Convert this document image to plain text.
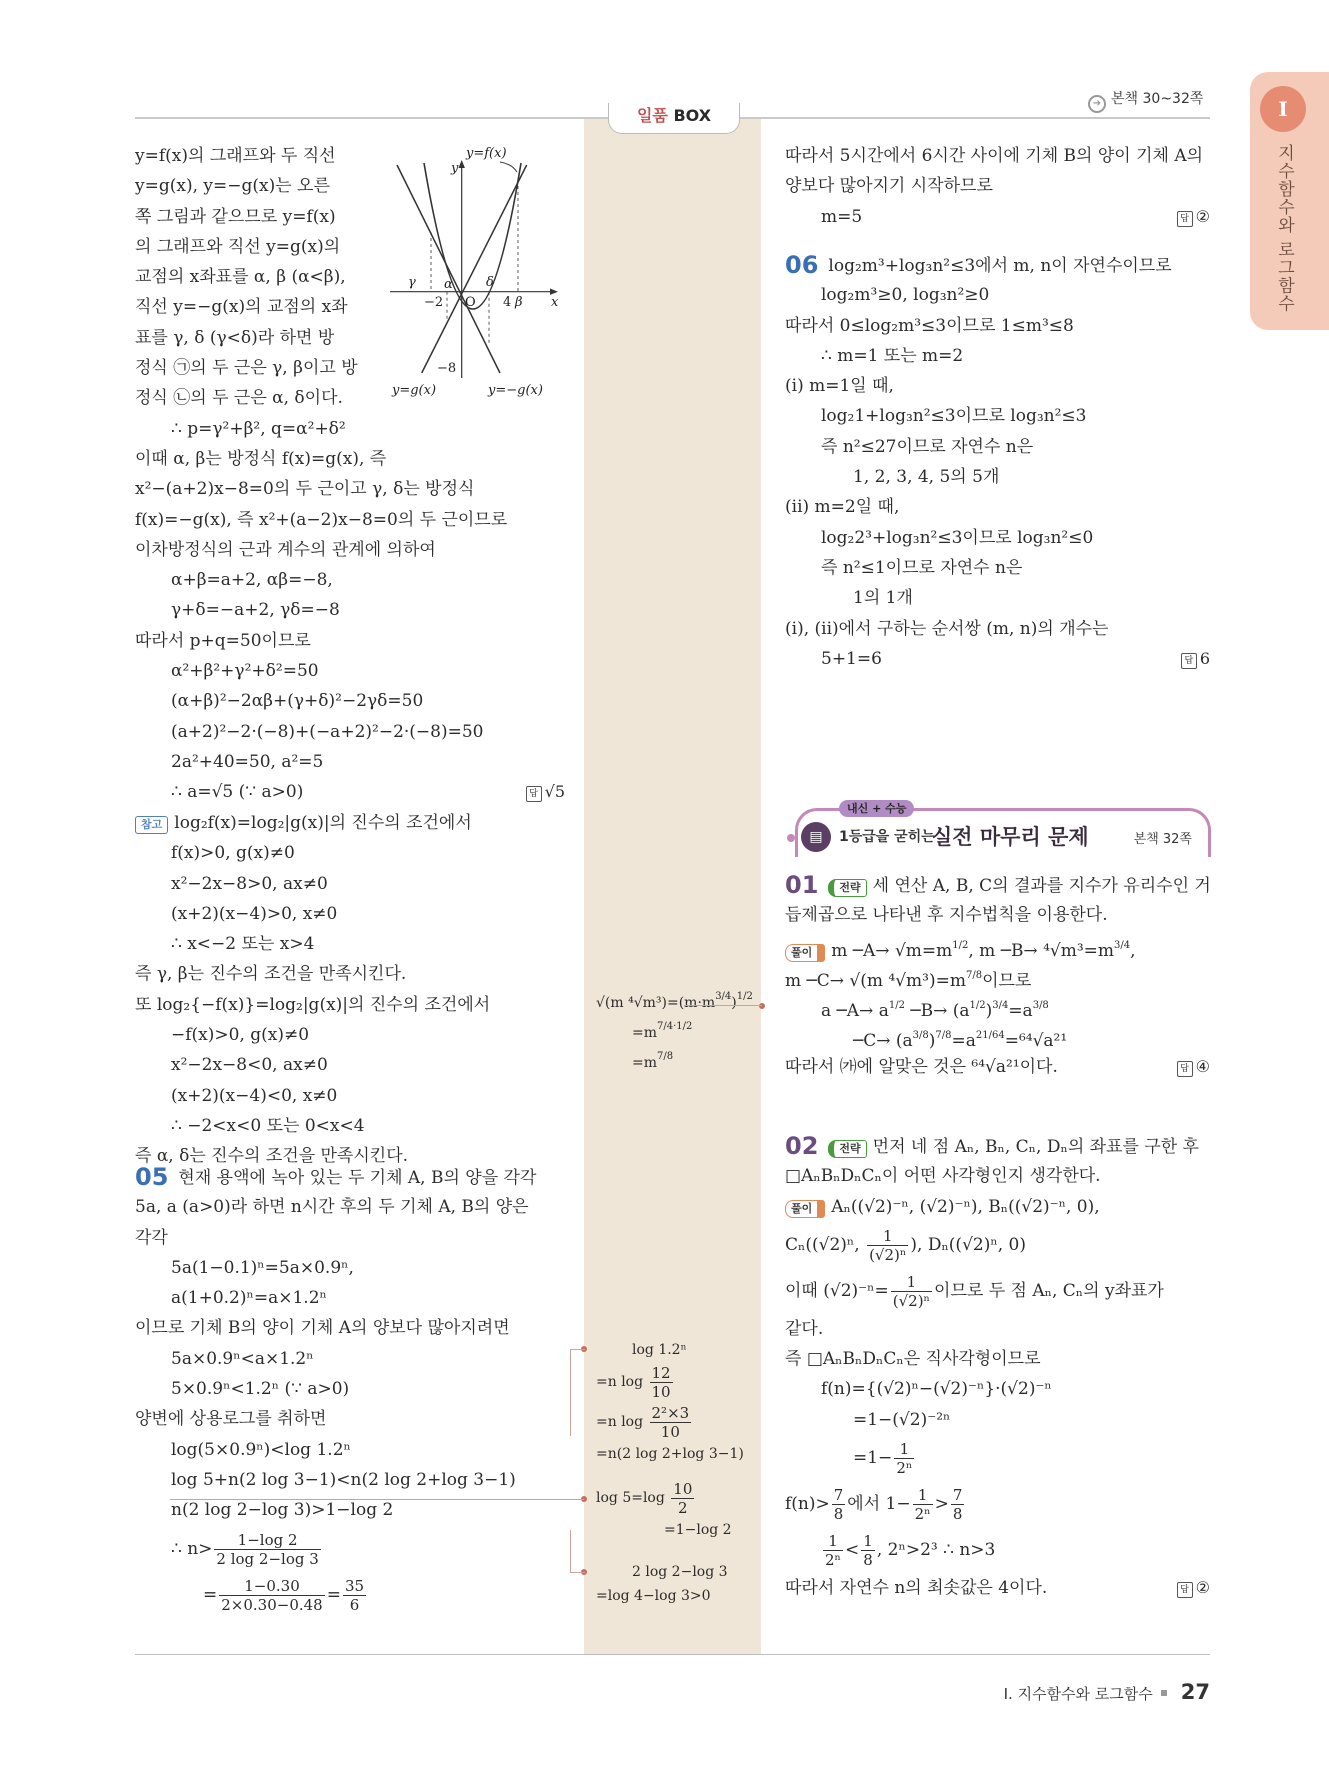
일품 BOX
➜ 본책 30~32쪽	I
지수함수와 로그함수
y=f(x)
y
γ α	δ
−2 O 4 β x
−8
y=g(x)	y=−g(x)
y=f(x)의 그래프와 두 직선
y=g(x), y=−g(x)는 오른
쪽 그림과 같으므로 y=f(x)
의 그래프와 직선 y=g(x)의
교점의 x좌표를 α, β (α<β),
직선 y=−g(x)의 교점의 x좌
표를 γ, δ (γ<δ)라 하면 방
정식 ㉠의 두 근은 γ, β이고 방
정식 ㉡의 두 근은 α, δ이다.
∴ p=γ²+β², q=α²+δ²
이때 α, β는 방정식 f(x)=g(x), 즉
x²−(a+2)x−8=0의 두 근이고 γ, δ는 방정식
f(x)=−g(x), 즉 x²+(a−2)x−8=0의 두 근이므로
이차방정식의 근과 계수의 관계에 의하여
α+β=a+2, αβ=−8,
γ+δ=−a+2, γδ=−8
따라서 p+q=50이므로
α²+β²+γ²+δ²=50
(α+β)²−2αβ+(γ+δ)²−2γδ=50
(a+2)²−2·(−8)+(−a+2)²−2·(−8)=50
2a²+40=50, a²=5
∴ a=√5 (∵ a>0)	답 √5
참고 log₂f(x)=log₂|g(x)|의 진수의 조건에서
f(x)>0, g(x)≠0
x²−2x−8>0, ax≠0
(x+2)(x−4)>0, x≠0
∴ x<−2 또는 x>4
즉 γ, β는 진수의 조건을 만족시킨다.
또 log₂{−f(x)}=log₂|g(x)|의 진수의 조건에서
−f(x)>0, g(x)≠0
x²−2x−8<0, ax≠0
(x+2)(x−4)<0, x≠0
∴ −2<x<0 또는 0<x<4
즉 α, δ는 진수의 조건을 만족시킨다.
05 현재 용액에 녹아 있는 두 기체 A, B의 양을 각각
5a, a (a>0)라 하면 n시간 후의 두 기체 A, B의 양은
각각
5a(1−0.1)ⁿ=5a×0.9ⁿ,
a(1+0.2)ⁿ=a×1.2ⁿ
이므로 기체 B의 양이 기체 A의 양보다 많아지려면
5a×0.9ⁿ<a×1.2ⁿ
5×0.9ⁿ<1.2ⁿ (∵ a>0)
양변에 상용로그를 취하면
log(5×0.9ⁿ)<log 1.2ⁿ
log 5+n(2 log 3−1)<n(2 log 2+log 3−1)
n(2 log 2−log 3)>1−log 2
∴ $n> \frac{1-\log 2}{2 \log 2-\log 3}$
= $\frac{1-0.30}{2\times 0.30-0.48} = \frac{35}{6}$
√(m $^4√m^3)=(m\cdot m^{3/4})^{1/2}$
$=m^{7/4\cdot 1/2}$
$=m^{7/8}$
log 1.2ⁿ
=n $\log \frac{12}{10}$
=n $\log \frac{\text{2²×3}}{10}$
=n(2 log 2+log 3−1)
$\log 5=\log \frac{10}{2}$
=1−log 2
2 log 2−log 3
=log 4−log 3>0
따라서 5시간에서 6시간 사이에 기체 B의 양이 기체 A의
양보다 많아지기 시작하므로
m=5	답 ②
06 log₂m³+log₃n²≤3에서 m, n이 자연수이므로
log₂m³≥0, log₃n²≥0
따라서 0≤log₂m³≤3이므로 1≤m³≤8
∴ m=1 또는 m=2
(i) m=1일 때,
log₂1+log₃n²≤3이므로 log₃n²≤3
즉 n²≤27이므로 자연수 n은
1, 2, 3, 4, 5의 5개
(ii) m=2일 때,
log₂2³+log₃n²≤3이므로 log₃n²≤0
즉 n²≤1이므로 자연수 n은
1의 1개
(i), (ii)에서 구하는 순서쌍 (m, n)의 개수는
5+1=6	답 6
내신 + 수능
▤	1등급을 굳히는
실전 마무리 문제	본책 32쪽
01 전략 세 연산 A, B, C의 결과를 지수가 유리수인 거
듭제곱으로 나타낸 후 지수법칙을 이용한다.
풀이 m ─A→ $√m=m^{1/2}$, m ─B→ $^4√m^3=m^{3/4}$,
m ─C→ √(m $^4√m^3)=m^{7/8}$이므로
a ─A→ $a^{1/2}$ ─B→ $(a^{1/2})^{3/4}=a^{3/8}$
─C→ $(a^{3/8})^{7/8}=a^{21/64}=^{64}√a^{21}$
따라서 ㈎에 알맞은 것은 ⁶⁴√a²¹이다.	답 ④
02 전략 먼저 네 점 Aₙ, Bₙ, Cₙ, Dₙ의 좌표를 구한 후
□AₙBₙDₙCₙ이 어떤 사각형인지 생각한다.
풀이 Aₙ((√2)⁻ⁿ, (√2)⁻ⁿ), Bₙ((√2)⁻ⁿ, 0),
Cₙ((√2)ⁿ, $\frac{1}{\text{(√2)ⁿ}}$ ), Dₙ((√2)ⁿ, 0)
이때 $(√2)^{-n}= \frac{1}{\text{(√2)ⁿ}}$ 이므로 두 점 Aₙ, Cₙ의 y좌표가
같다.
즉 □AₙBₙDₙCₙ은 직사각형이므로
f(n)={(√2)ⁿ−(√2)⁻ⁿ}·(√2)⁻ⁿ
=1−(√2)⁻²ⁿ
$=1- \frac{1}{\text{2ⁿ}}$
$f(n)> \frac{7}{8}$ 에서 $1- \frac{1}{\text{2ⁿ}} > \frac{7}{8}$
$\frac{1}{\text{2ⁿ}} < \frac{1}{8}$ , 2ⁿ>2³ ∴ n>3
따라서 자연수 n의 최솟값은 4이다.	답 ②
I. 지수함수와 로그함수 27
